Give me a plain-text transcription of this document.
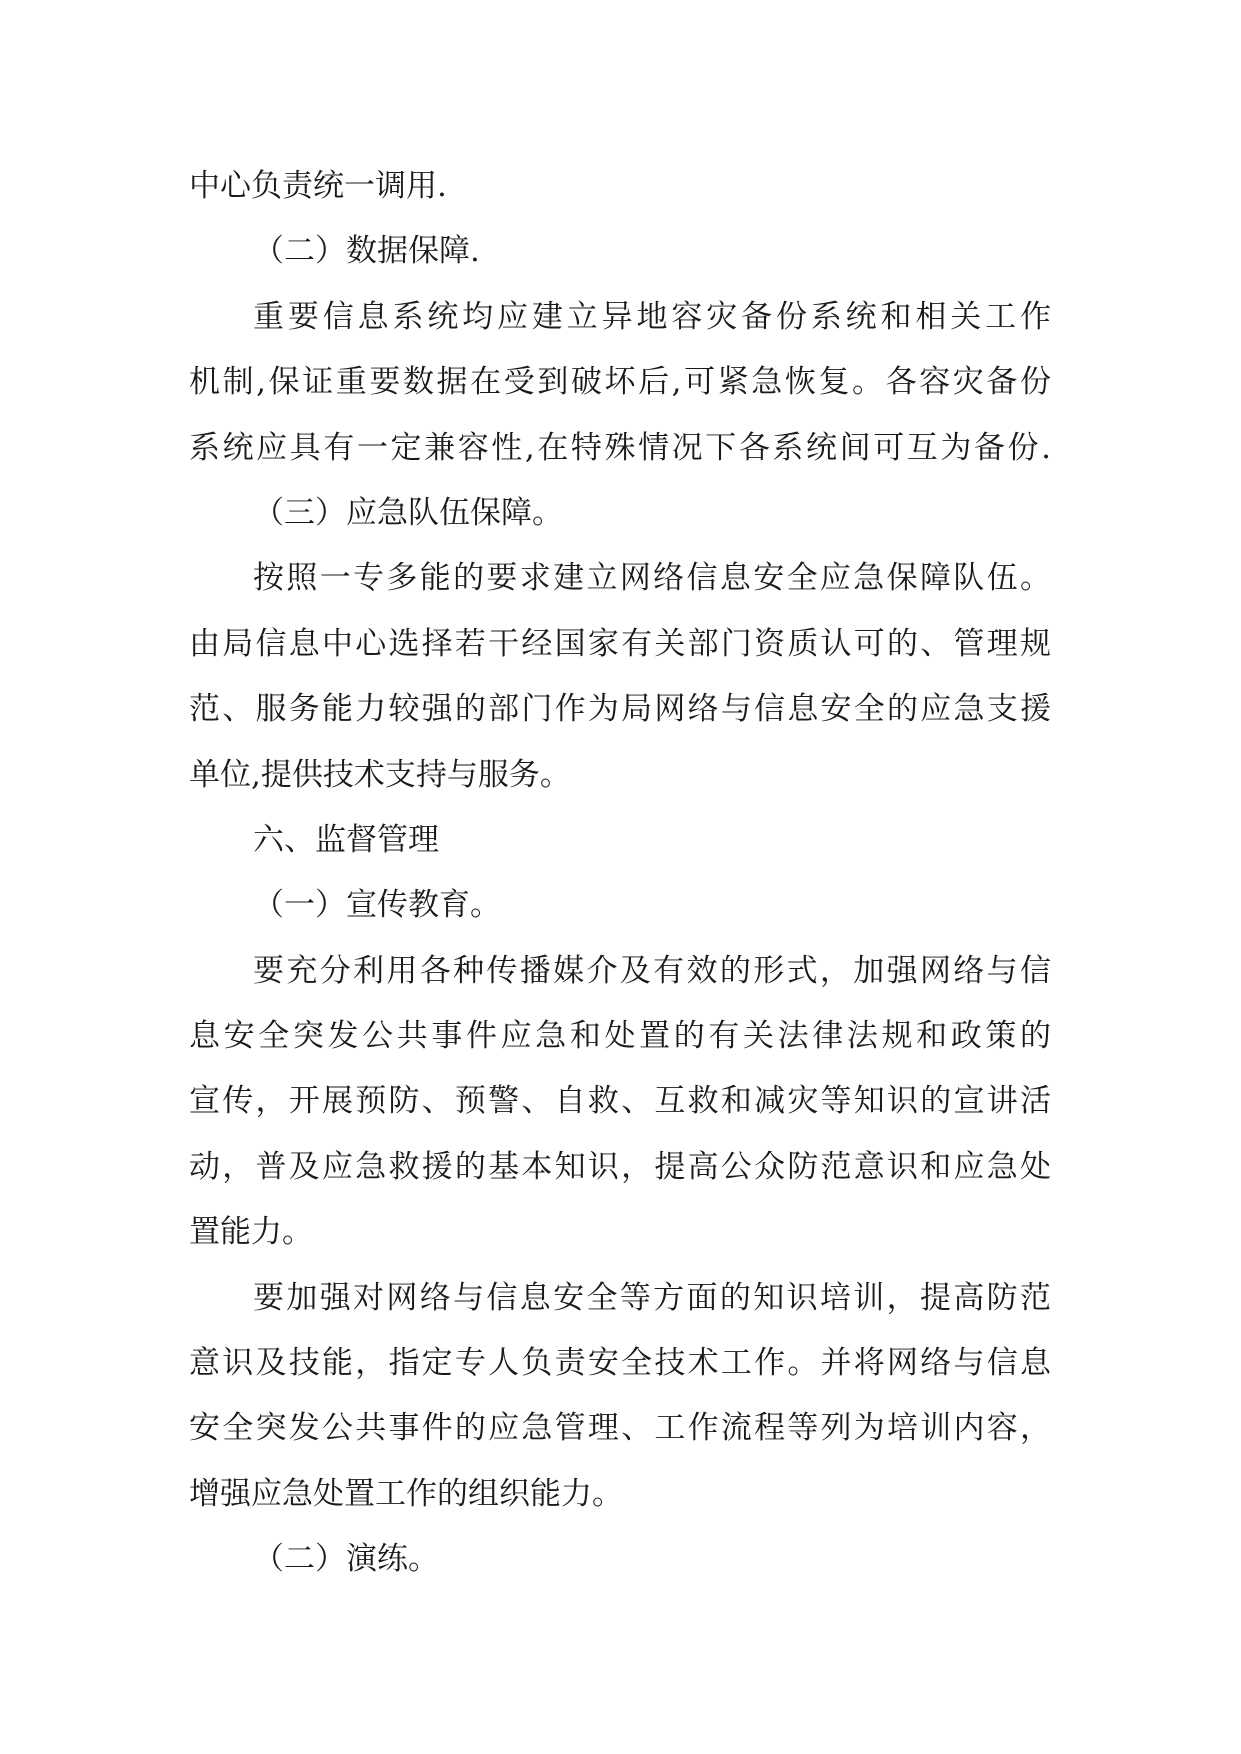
中心负责统一调用.
（二）数据保障.
重要信息系统均应建立异地容灾备份系统和相关工作
机制,保证重要数据在受到破坏后,可紧急恢复。各容灾备份
系统应具有一定兼容性,在特殊情况下各系统间可互为备份.
（三）应急队伍保障。
按照一专多能的要求建立网络信息安全应急保障队伍。
由局信息中心选择若干经国家有关部门资质认可的、管理规
范、服务能力较强的部门作为局网络与信息安全的应急支援
单位,提供技术支持与服务。
六、监督管理
（一）宣传教育。
要充分利用各种传播媒介及有效的形式，加强网络与信
息安全突发公共事件应急和处置的有关法律法规和政策的
宣传，开展预防、预警、自救、互救和减灾等知识的宣讲活
动，普及应急救援的基本知识，提高公众防范意识和应急处
置能力。
要加强对网络与信息安全等方面的知识培训，提高防范
意识及技能，指定专人负责安全技术工作。并将网络与信息
安全突发公共事件的应急管理、工作流程等列为培训内容，
增强应急处置工作的组织能力。
（二）演练。
